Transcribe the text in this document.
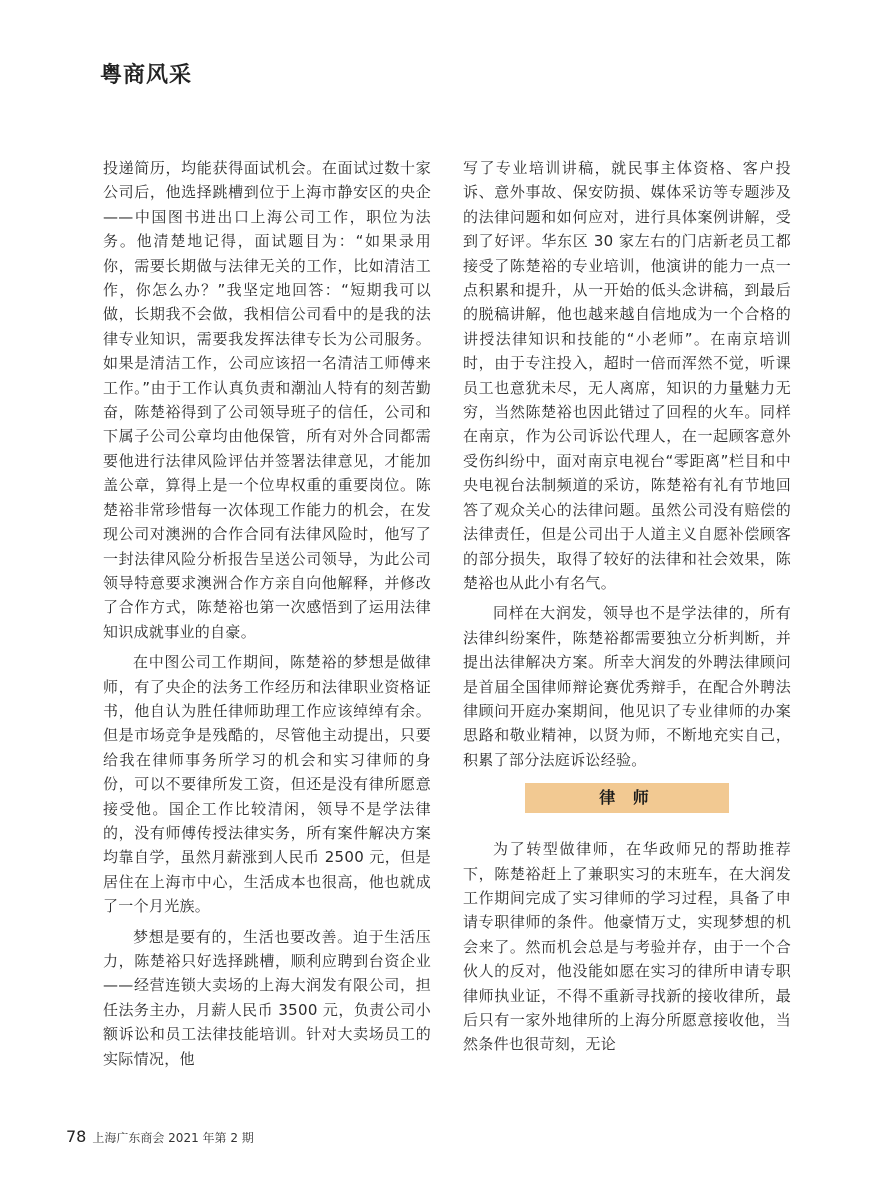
粤商风采

投递简历，均能获得面试机会。在面试过数十家公司后，他选择跳槽到位于上海市静安区的央企——中国图书进出口上海公司工作，职位为法务。他清楚地记得，面试题目为：“如果录用你，需要长期做与法律无关的工作，比如清洁工作，你怎么办？”我坚定地回答：“短期我可以做，长期我不会做，我相信公司看中的是我的法律专业知识，需要我发挥法律专长为公司服务。如果是清洁工作，公司应该招一名清洁工师傅来工作。”由于工作认真负责和潮汕人特有的刻苦勤奋，陈楚裕得到了公司领导班子的信任，公司和下属子公司公章均由他保管，所有对外合同都需要他进行法律风险评估并签署法律意见，才能加盖公章，算得上是一个位卑权重的重要岗位。陈楚裕非常珍惜每一次体现工作能力的机会，在发现公司对澳洲的合作合同有法律风险时，他写了一封法律风险分析报告呈送公司领导，为此公司领导特意要求澳洲合作方亲自向他解释，并修改了合作方式，陈楚裕也第一次感悟到了运用法律知识成就事业的自豪。

在中图公司工作期间，陈楚裕的梦想是做律师，有了央企的法务工作经历和法律职业资格证书，他自认为胜任律师助理工作应该绰绰有余。但是市场竞争是残酷的，尽管他主动提出，只要给我在律师事务所学习的机会和实习律师的身份，可以不要律所发工资，但还是没有律所愿意接受他。国企工作比较清闲，领导不是学法律的，没有师傅传授法律实务，所有案件解决方案均靠自学，虽然月薪涨到人民币 2500 元，但是居住在上海市中心，生活成本也很高，他也就成了一个月光族。

梦想是要有的，生活也要改善。迫于生活压力，陈楚裕只好选择跳槽，顺利应聘到台资企业——经营连锁大卖场的上海大润发有限公司，担任法务主办，月薪人民币 3500 元，负责公司小额诉讼和员工法律技能培训。针对大卖场员工的实际情况，他

写了专业培训讲稿，就民事主体资格、客户投诉、意外事故、保安防损、媒体采访等专题涉及的法律问题和如何应对，进行具体案例讲解，受到了好评。华东区 30 家左右的门店新老员工都接受了陈楚裕的专业培训，他演讲的能力一点一点积累和提升，从一开始的低头念讲稿，到最后的脱稿讲解，他也越来越自信地成为一个合格的讲授法律知识和技能的“小老师”。在南京培训时，由于专注投入，超时一倍而浑然不觉，听课员工也意犹未尽，无人离席，知识的力量魅力无穷，当然陈楚裕也因此错过了回程的火车。同样在南京，作为公司诉讼代理人，在一起顾客意外受伤纠纷中，面对南京电视台“零距离”栏目和中央电视台法制频道的采访，陈楚裕有礼有节地回答了观众关心的法律问题。虽然公司没有赔偿的法律责任，但是公司出于人道主义自愿补偿顾客的部分损失，取得了较好的法律和社会效果，陈楚裕也从此小有名气。

同样在大润发，领导也不是学法律的，所有法律纠纷案件，陈楚裕都需要独立分析判断，并提出法律解决方案。所幸大润发的外聘法律顾问是首届全国律师辩论赛优秀辩手，在配合外聘法律顾问开庭办案期间，他见识了专业律师的办案思路和敬业精神，以贤为师，不断地充实自己，积累了部分法庭诉讼经验。

律 师

为了转型做律师，在华政师兄的帮助推荐下，陈楚裕赶上了兼职实习的末班车，在大润发工作期间完成了实习律师的学习过程，具备了申请专职律师的条件。他豪情万丈，实现梦想的机会来了。然而机会总是与考验并存，由于一个合伙人的反对，他没能如愿在实习的律所申请专职律师执业证，不得不重新寻找新的接收律所，最后只有一家外地律所的上海分所愿意接收他，当然条件也很苛刻，无论

78 上海广东商会 2021 年第 2 期
